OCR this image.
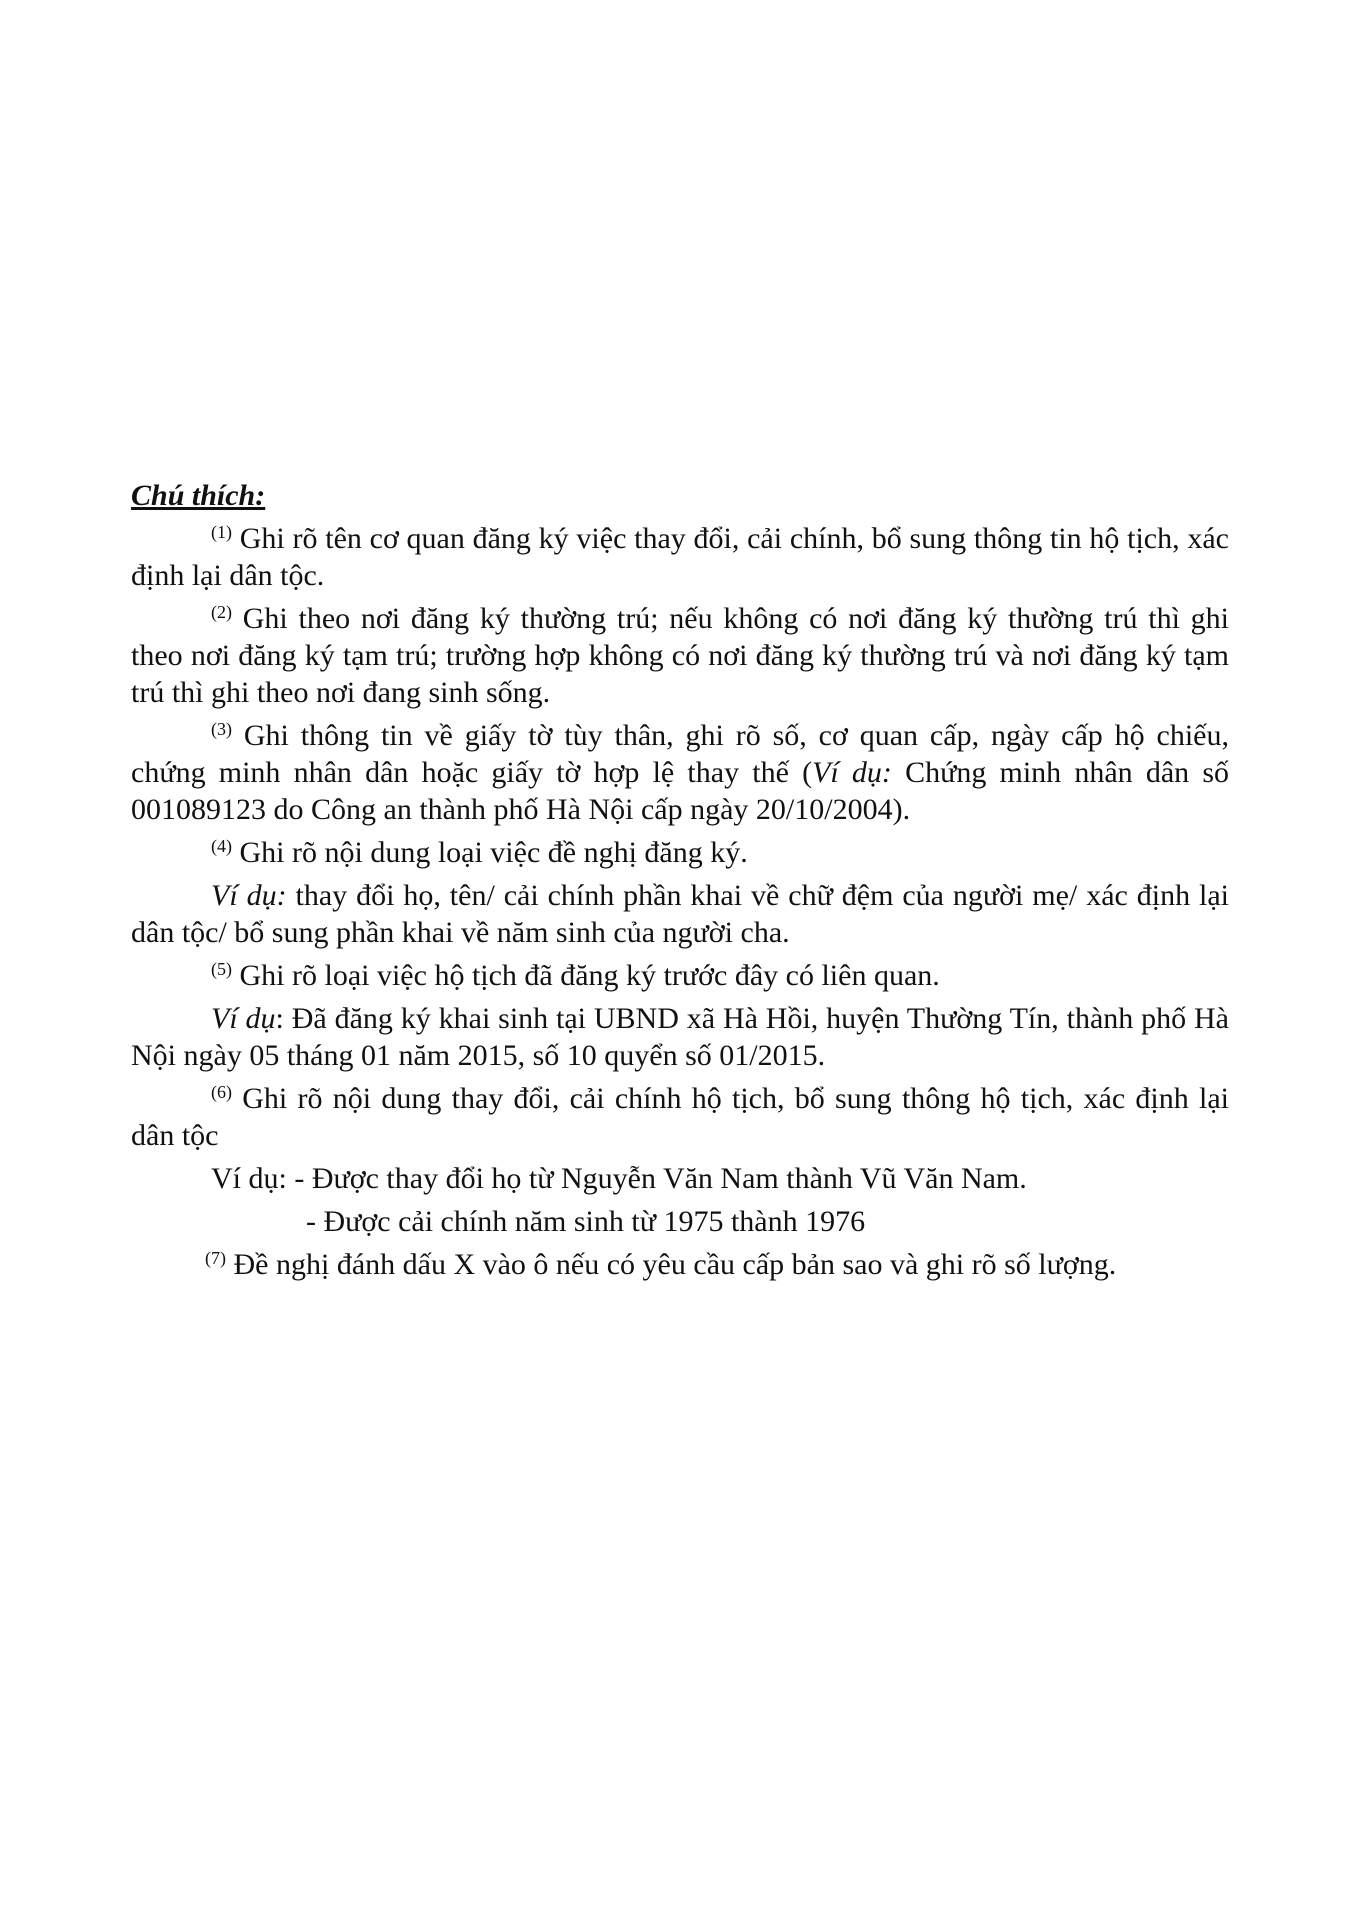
Chú thích:

$^{(1)}$ Ghi rõ tên cơ quan đăng ký việc thay đổi, cải chính, bổ sung thông tin hộ tịch, xác định lại dân tộc.

$^{(2)}$ Ghi theo nơi đăng ký thường trú; nếu không có nơi đăng ký thường trú thì ghi theo nơi đăng ký tạm trú; trường hợp không có nơi đăng ký thường trú và nơi đăng ký tạm trú thì ghi theo nơi đang sinh sống.

$^{(3)}$ Ghi thông tin về giấy tờ tùy thân, ghi rõ số, cơ quan cấp, ngày cấp hộ chiếu, chứng minh nhân dân hoặc giấy tờ hợp lệ thay thế (Ví dụ: Chứng minh nhân dân số 001089123 do Công an thành phố Hà Nội cấp ngày 20/10/2004).

$^{(4)}$ Ghi rõ nội dung loại việc đề nghị đăng ký.

Ví dụ: thay đổi họ, tên/ cải chính phần khai về chữ đệm của người mẹ/ xác định lại dân tộc/ bổ sung phần khai về năm sinh của người cha.

$^{(5)}$ Ghi rõ loại việc hộ tịch đã đăng ký trước đây có liên quan.

Ví dụ: Đã đăng ký khai sinh tại UBND xã Hà Hồi, huyện Thường Tín, thành phố Hà Nội ngày 05 tháng 01 năm 2015, số 10 quyển số 01/2015.

$^{(6)}$ Ghi rõ nội dung thay đổi, cải chính hộ tịch, bổ sung thông hộ tịch, xác định lại dân tộc

Ví dụ: - Được thay đổi họ từ Nguyễn Văn Nam thành Vũ Văn Nam.

- Được cải chính năm sinh từ 1975 thành 1976

$^{(7)}$ Đề nghị đánh dấu X vào ô nếu có yêu cầu cấp bản sao và ghi rõ số lượng.
